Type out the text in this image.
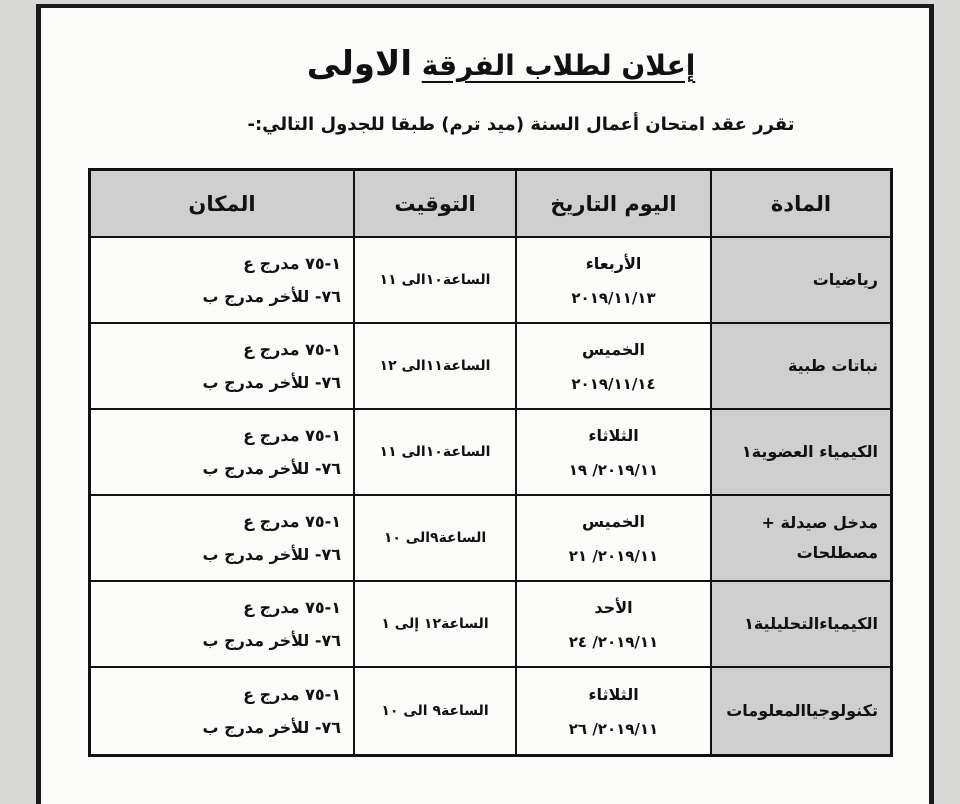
إعلان لطلاب الفرقة الاولى
تقرر عقد امتحان أعمال السنة (ميد ترم) طبقا للجدول التالي:-
المادة
اليوم التاريخ
التوقيت
المكان
رياضيات
الأربعاء
٢٠١٩/١١/١٣
الساعة١٠الى ١١
١-٧٥ مدرج ع
٧٦- للأخر مدرج ب
نباتات طبية
الخميس
٢٠١٩/١١/١٤
الساعة١١الى ١٢
١-٧٥ مدرج ع
٧٦- للأخر مدرج ب
الكيمياء العضوية١
الثلاثاء
٢٠١٩/١١/ ١٩
الساعة١٠الى ١١
١-٧٥ مدرج ع
٧٦- للأخر مدرج ب
مدخل صيدلة + مصطلحات
الخميس
٢٠١٩/١١/ ٢١
الساعة٩الى ١٠
١-٧٥ مدرج ع
٧٦- للأخر مدرج ب
الكيمياءالتحليلية١
الأحد
٢٠١٩/١١/ ٢٤
الساعة١٢ إلى ١
١-٧٥ مدرج ع
٧٦- للأخر مدرج ب
تكنولوجياالمعلومات
الثلاثاء
٢٠١٩/١١/ ٢٦
الساعة٩ الى ١٠
١-٧٥ مدرج ع
٧٦- للأخر مدرج ب
